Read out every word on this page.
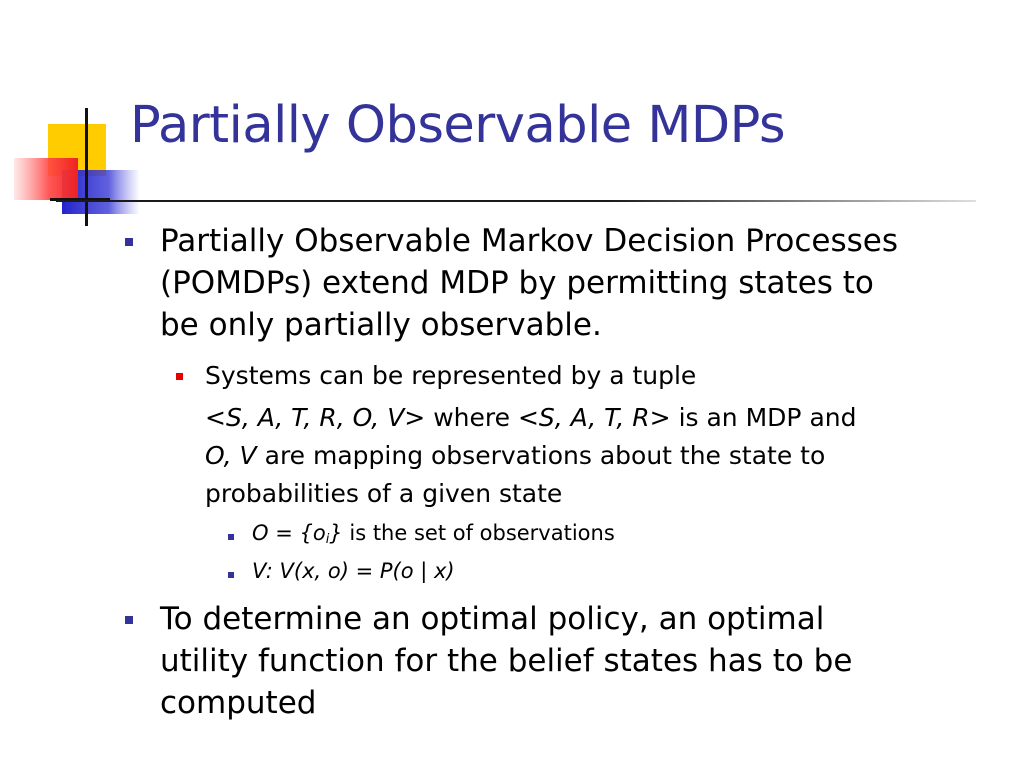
Partially Observable MDPs
Partially Observable Markov Decision Processes
(POMDPs) extend MDP by permitting states to
be only partially observable.
Systems can be represented by a tuple
<S, A, T, R, O, V> where <S, A, T, R> is an MDP and
O, V are mapping observations about the state to
probabilities of a given state
$O = \{o_i\}$ is the set of observations
V: V(x, o) = P(o | x)
To determine an optimal policy, an optimal
utility function for the belief states has to be
computed
